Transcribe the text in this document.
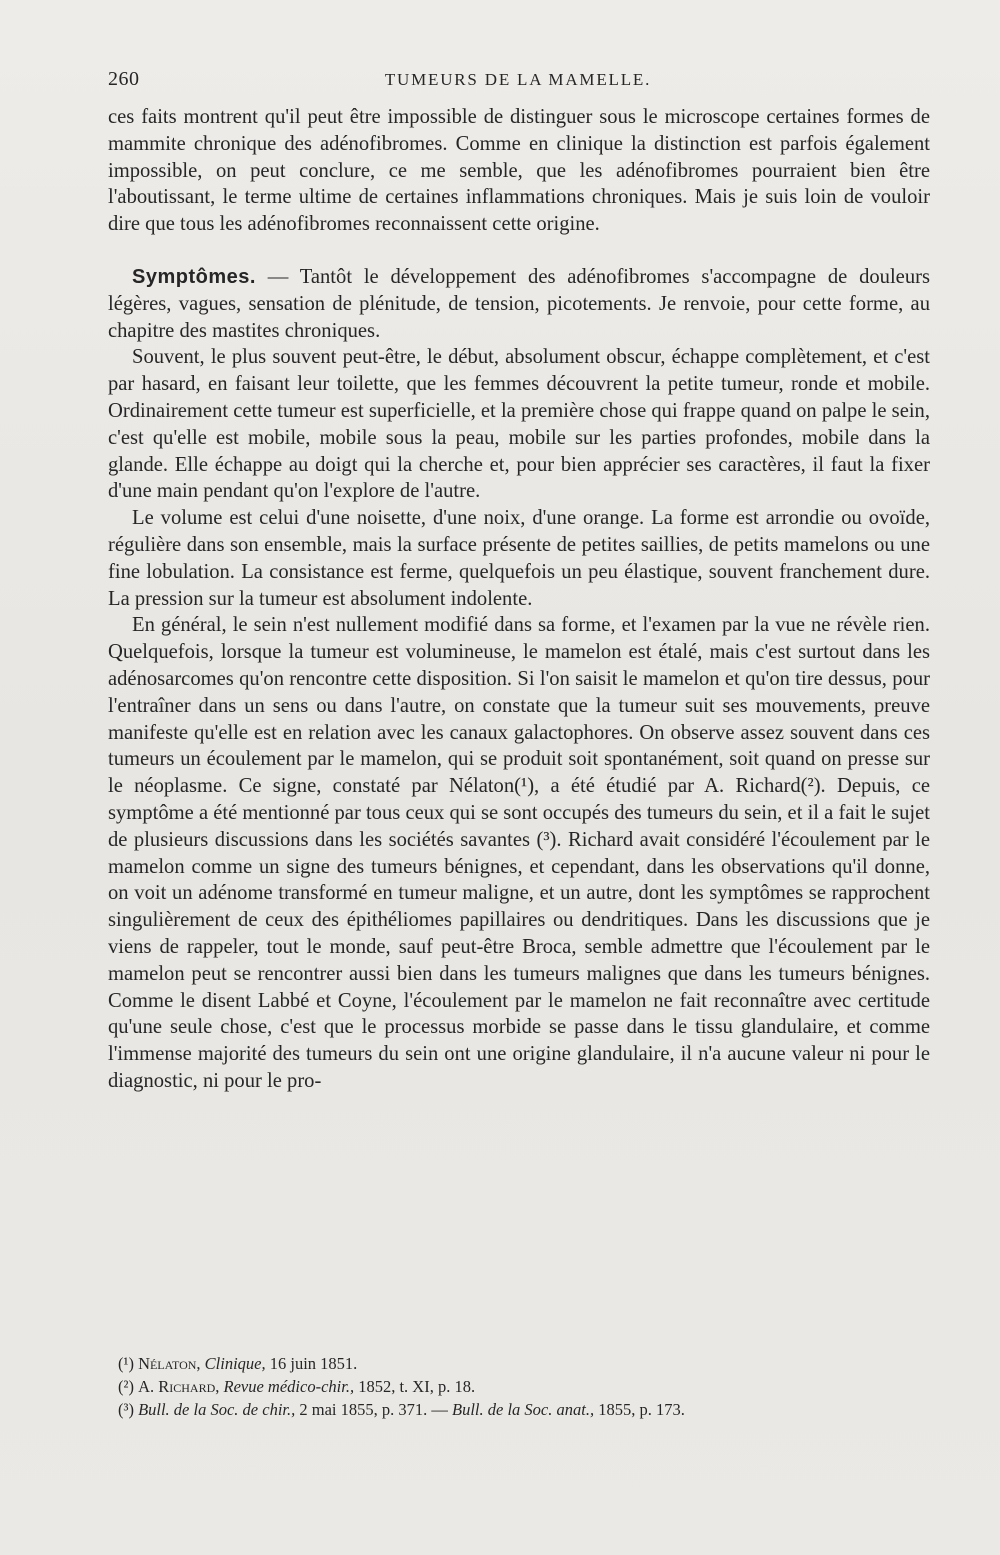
260	TUMEURS DE LA MAMELLE.

ces faits montrent qu'il peut être impossible de distinguer sous le microscope certaines formes de mammite chronique des adénofibromes. Comme en clinique la distinction est parfois également impossible, on peut conclure, ce me semble, que les adénofibromes pourraient bien être l'aboutissant, le terme ultime de certaines inflammations chroniques. Mais je suis loin de vouloir dire que tous les adénofibromes reconnaissent cette origine.

Symptômes. — Tantôt le développement des adénofibromes s'accompagne de douleurs légères, vagues, sensation de plénitude, de tension, picotements. Je renvoie, pour cette forme, au chapitre des mastites chroniques.

Souvent, le plus souvent peut-être, le début, absolument obscur, échappe complètement, et c'est par hasard, en faisant leur toilette, que les femmes découvrent la petite tumeur, ronde et mobile. Ordinairement cette tumeur est superficielle, et la première chose qui frappe quand on palpe le sein, c'est qu'elle est mobile, mobile sous la peau, mobile sur les parties profondes, mobile dans la glande. Elle échappe au doigt qui la cherche et, pour bien apprécier ses caractères, il faut la fixer d'une main pendant qu'on l'explore de l'autre.

Le volume est celui d'une noisette, d'une noix, d'une orange. La forme est arrondie ou ovoïde, régulière dans son ensemble, mais la surface présente de petites saillies, de petits mamelons ou une fine lobulation. La consistance est ferme, quelquefois un peu élastique, souvent franchement dure. La pression sur la tumeur est absolument indolente.

En général, le sein n'est nullement modifié dans sa forme, et l'examen par la vue ne révèle rien. Quelquefois, lorsque la tumeur est volumineuse, le mamelon est étalé, mais c'est surtout dans les adénosarcomes qu'on rencontre cette disposition. Si l'on saisit le mamelon et qu'on tire dessus, pour l'entraîner dans un sens ou dans l'autre, on constate que la tumeur suit ses mouvements, preuve manifeste qu'elle est en relation avec les canaux galactophores. On observe assez souvent dans ces tumeurs un écoulement par le mamelon, qui se produit soit spontanément, soit quand on presse sur le néoplasme. Ce signe, constaté par Nélaton(¹), a été étudié par A. Richard(²). Depuis, ce symptôme a été mentionné par tous ceux qui se sont occupés des tumeurs du sein, et il a fait le sujet de plusieurs discussions dans les sociétés savantes (³). Richard avait considéré l'écoulement par le mamelon comme un signe des tumeurs bénignes, et cependant, dans les observations qu'il donne, on voit un adénome transformé en tumeur maligne, et un autre, dont les symptômes se rapprochent singulièrement de ceux des épithéliomes papillaires ou dendritiques. Dans les discussions que je viens de rappeler, tout le monde, sauf peut-être Broca, semble admettre que l'écoulement par le mamelon peut se rencontrer aussi bien dans les tumeurs malignes que dans les tumeurs bénignes. Comme le disent Labbé et Coyne, l'écoulement par le mamelon ne fait reconnaître avec certitude qu'une seule chose, c'est que le processus morbide se passe dans le tissu glandulaire, et comme l'immense majorité des tumeurs du sein ont une origine glandulaire, il n'a aucune valeur ni pour le diagnostic, ni pour le pro-

(¹) Nélaton, Clinique, 16 juin 1851.

(²) A. Richard, Revue médico-chir., 1852, t. XI, p. 18.

(³) Bull. de la Soc. de chir., 2 mai 1855, p. 371. — Bull. de la Soc. anat., 1855, p. 173.
